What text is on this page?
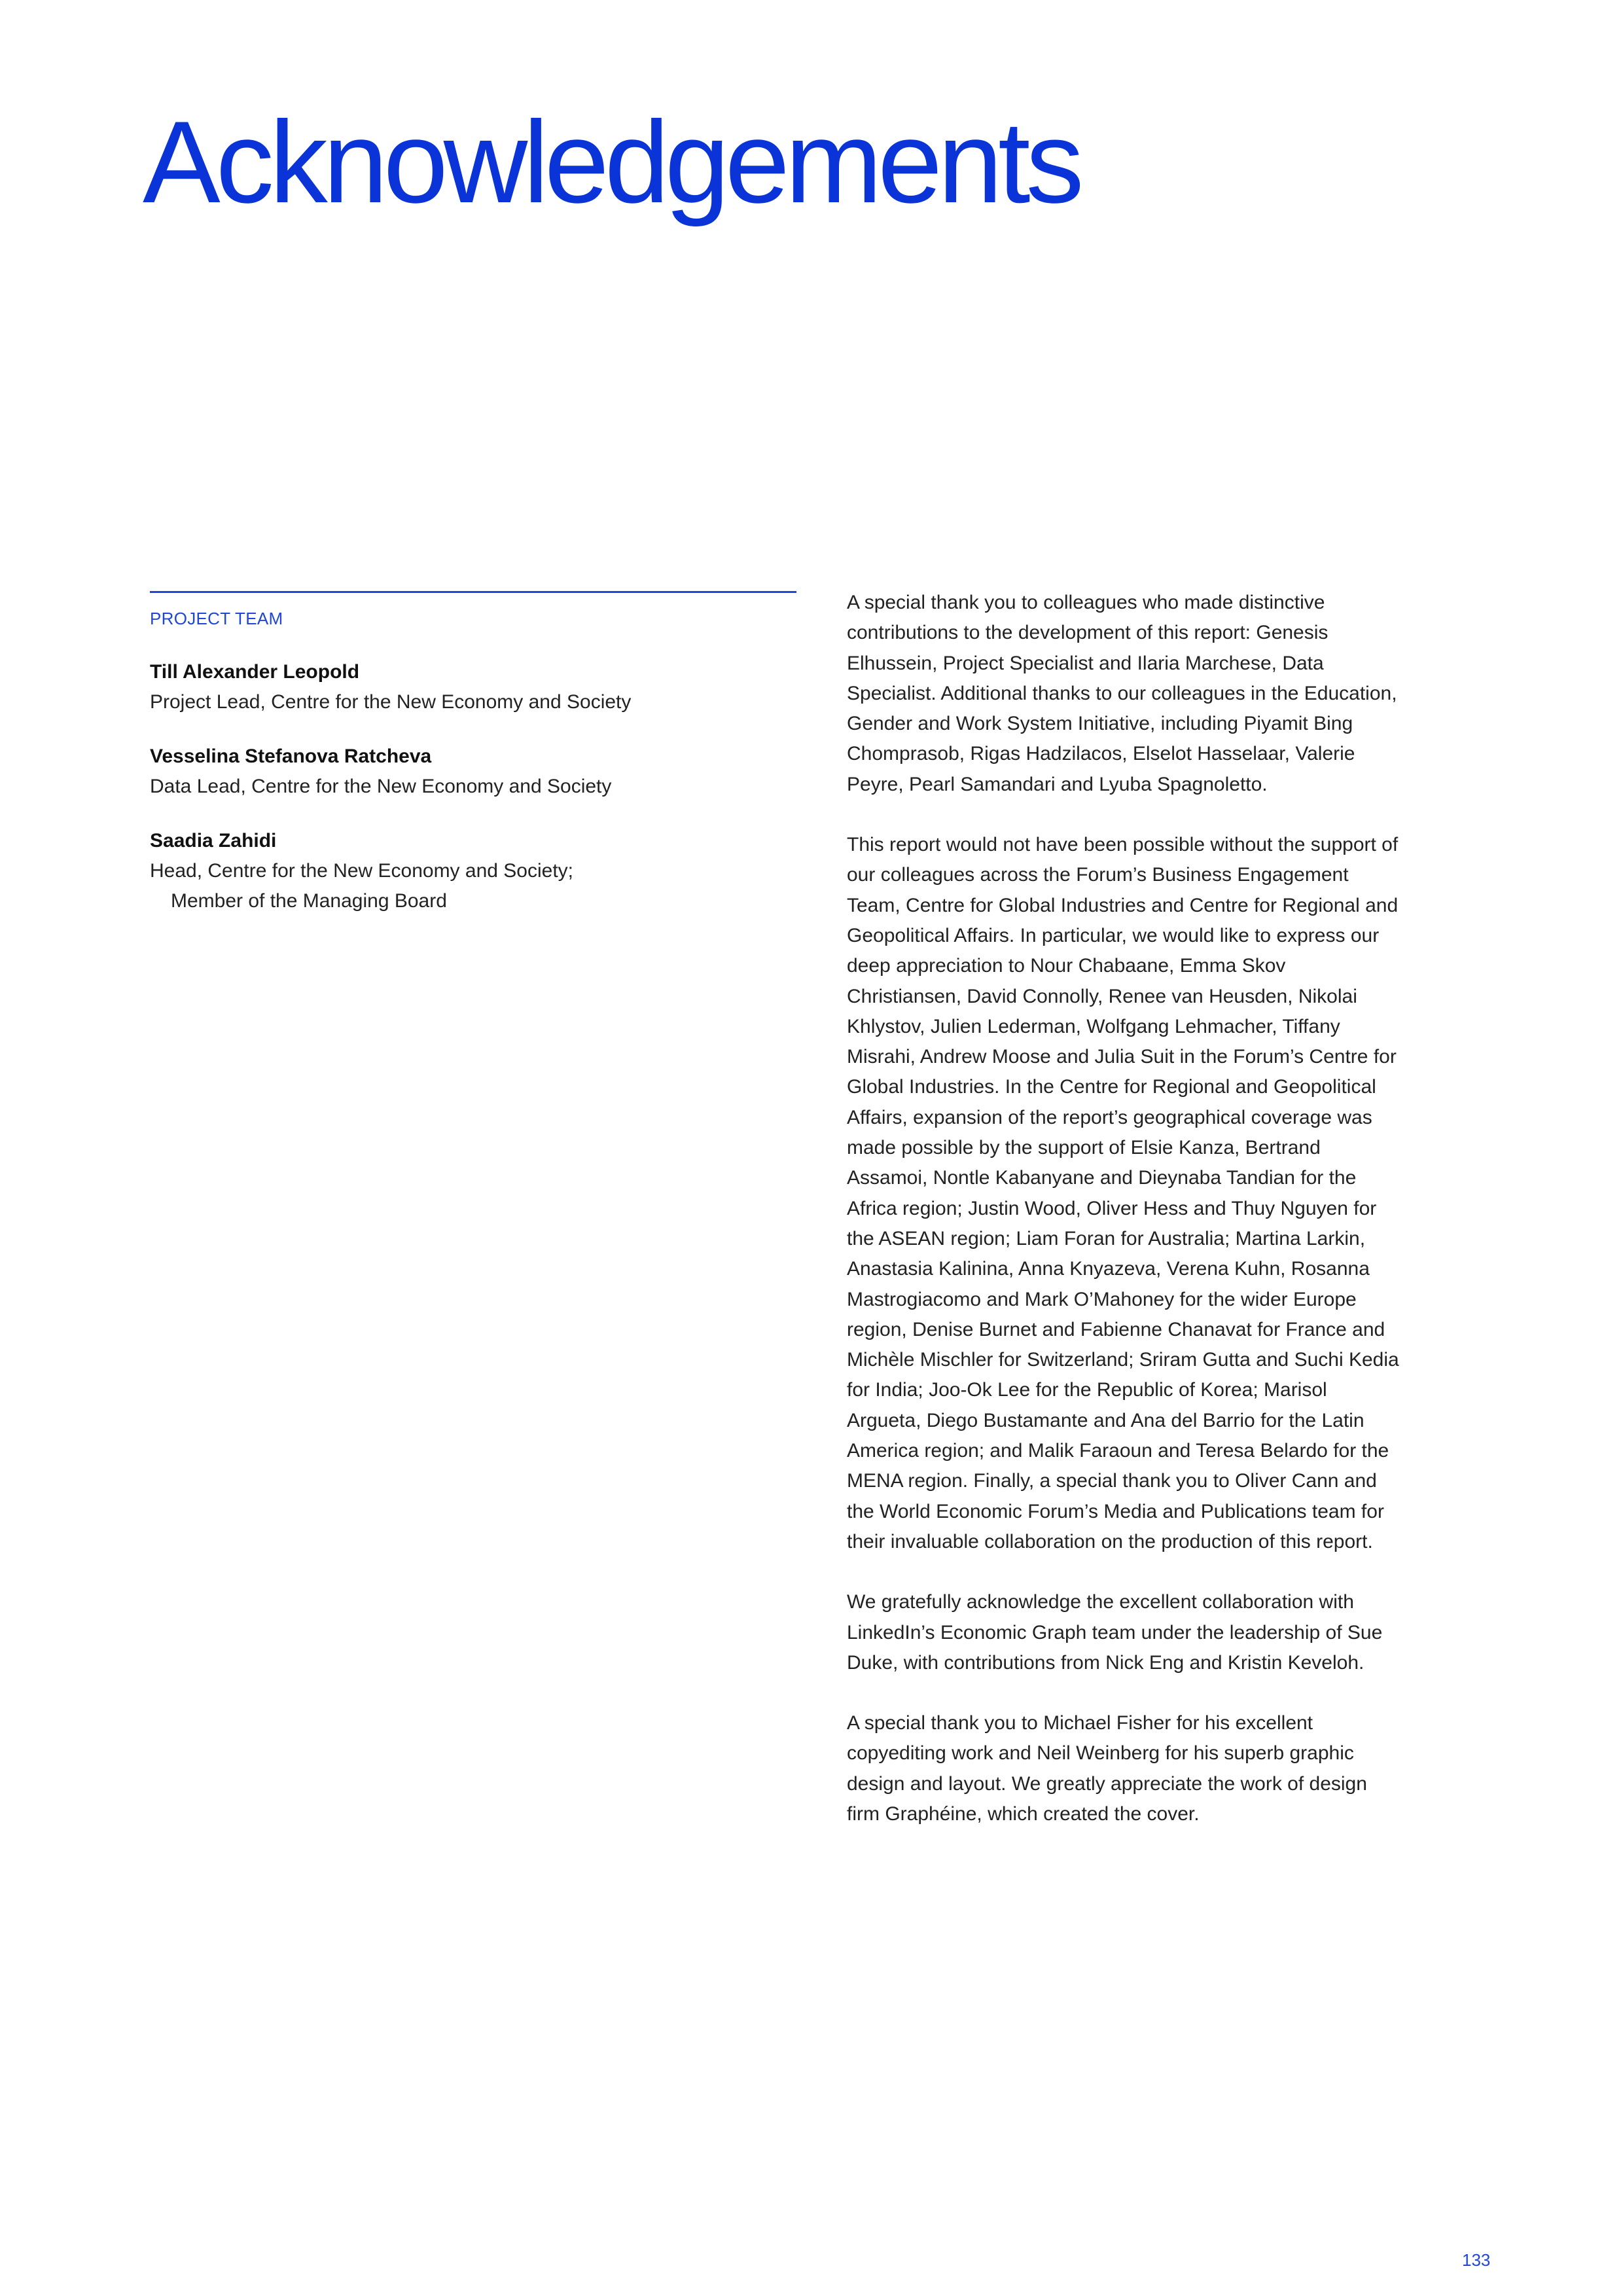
Acknowledgements
PROJECT TEAM
Till Alexander Leopold
Project Lead, Centre for the New Economy and Society
Vesselina Stefanova Ratcheva
Data Lead, Centre for the New Economy and Society
Saadia Zahidi
Head, Centre for the New Economy and Society;
Member of the Managing Board

A special thank you to colleagues who made distinctive contributions to the development of this report: Genesis Elhussein, Project Specialist and Ilaria Marchese, Data Specialist. Additional thanks to our colleagues in the Education, Gender and Work System Initiative, including Piyamit Bing Chomprasob, Rigas Hadzilacos, Elselot Hasselaar, Valerie Peyre, Pearl Samandari and Lyuba Spagnoletto.

This report would not have been possible without the support of our colleagues across the Forum’s Business Engagement Team, Centre for Global Industries and Centre for Regional and Geopolitical Affairs. In particular, we would like to express our deep appreciation to Nour Chabaane, Emma Skov Christiansen, David Connolly, Renee van Heusden, Nikolai Khlystov, Julien Lederman, Wolfgang Lehmacher, Tiffany Misrahi, Andrew Moose and Julia Suit in the Forum’s Centre for Global Industries. In the Centre for Regional and Geopolitical Affairs, expansion of the report’s geographical coverage was made possible by the support of Elsie Kanza, Bertrand Assamoi, Nontle Kabanyane and Dieynaba Tandian for the Africa region; Justin Wood, Oliver Hess and Thuy Nguyen for the ASEAN region; Liam Foran for Australia; Martina Larkin, Anastasia Kalinina, Anna Knyazeva, Verena Kuhn, Rosanna Mastrogiacomo and Mark O’Mahoney for the wider Europe region, Denise Burnet and Fabienne Chanavat for France and Michèle Mischler for Switzerland; Sriram Gutta and Suchi Kedia for India; Joo-Ok Lee for the Republic of Korea; Marisol Argueta, Diego Bustamante and Ana del Barrio for the Latin America region; and Malik Faraoun and Teresa Belardo for the MENA region. Finally, a special thank you to Oliver Cann and the World Economic Forum’s Media and Publications team for their invaluable collaboration on the production of this report.

We gratefully acknowledge the excellent collaboration with LinkedIn’s Economic Graph team under the leadership of Sue Duke, with contributions from Nick Eng and Kristin Keveloh.

A special thank you to Michael Fisher for his excellent copyediting work and Neil Weinberg for his superb graphic design and layout. We greatly appreciate the work of design firm Graphéine, which created the cover.

133
